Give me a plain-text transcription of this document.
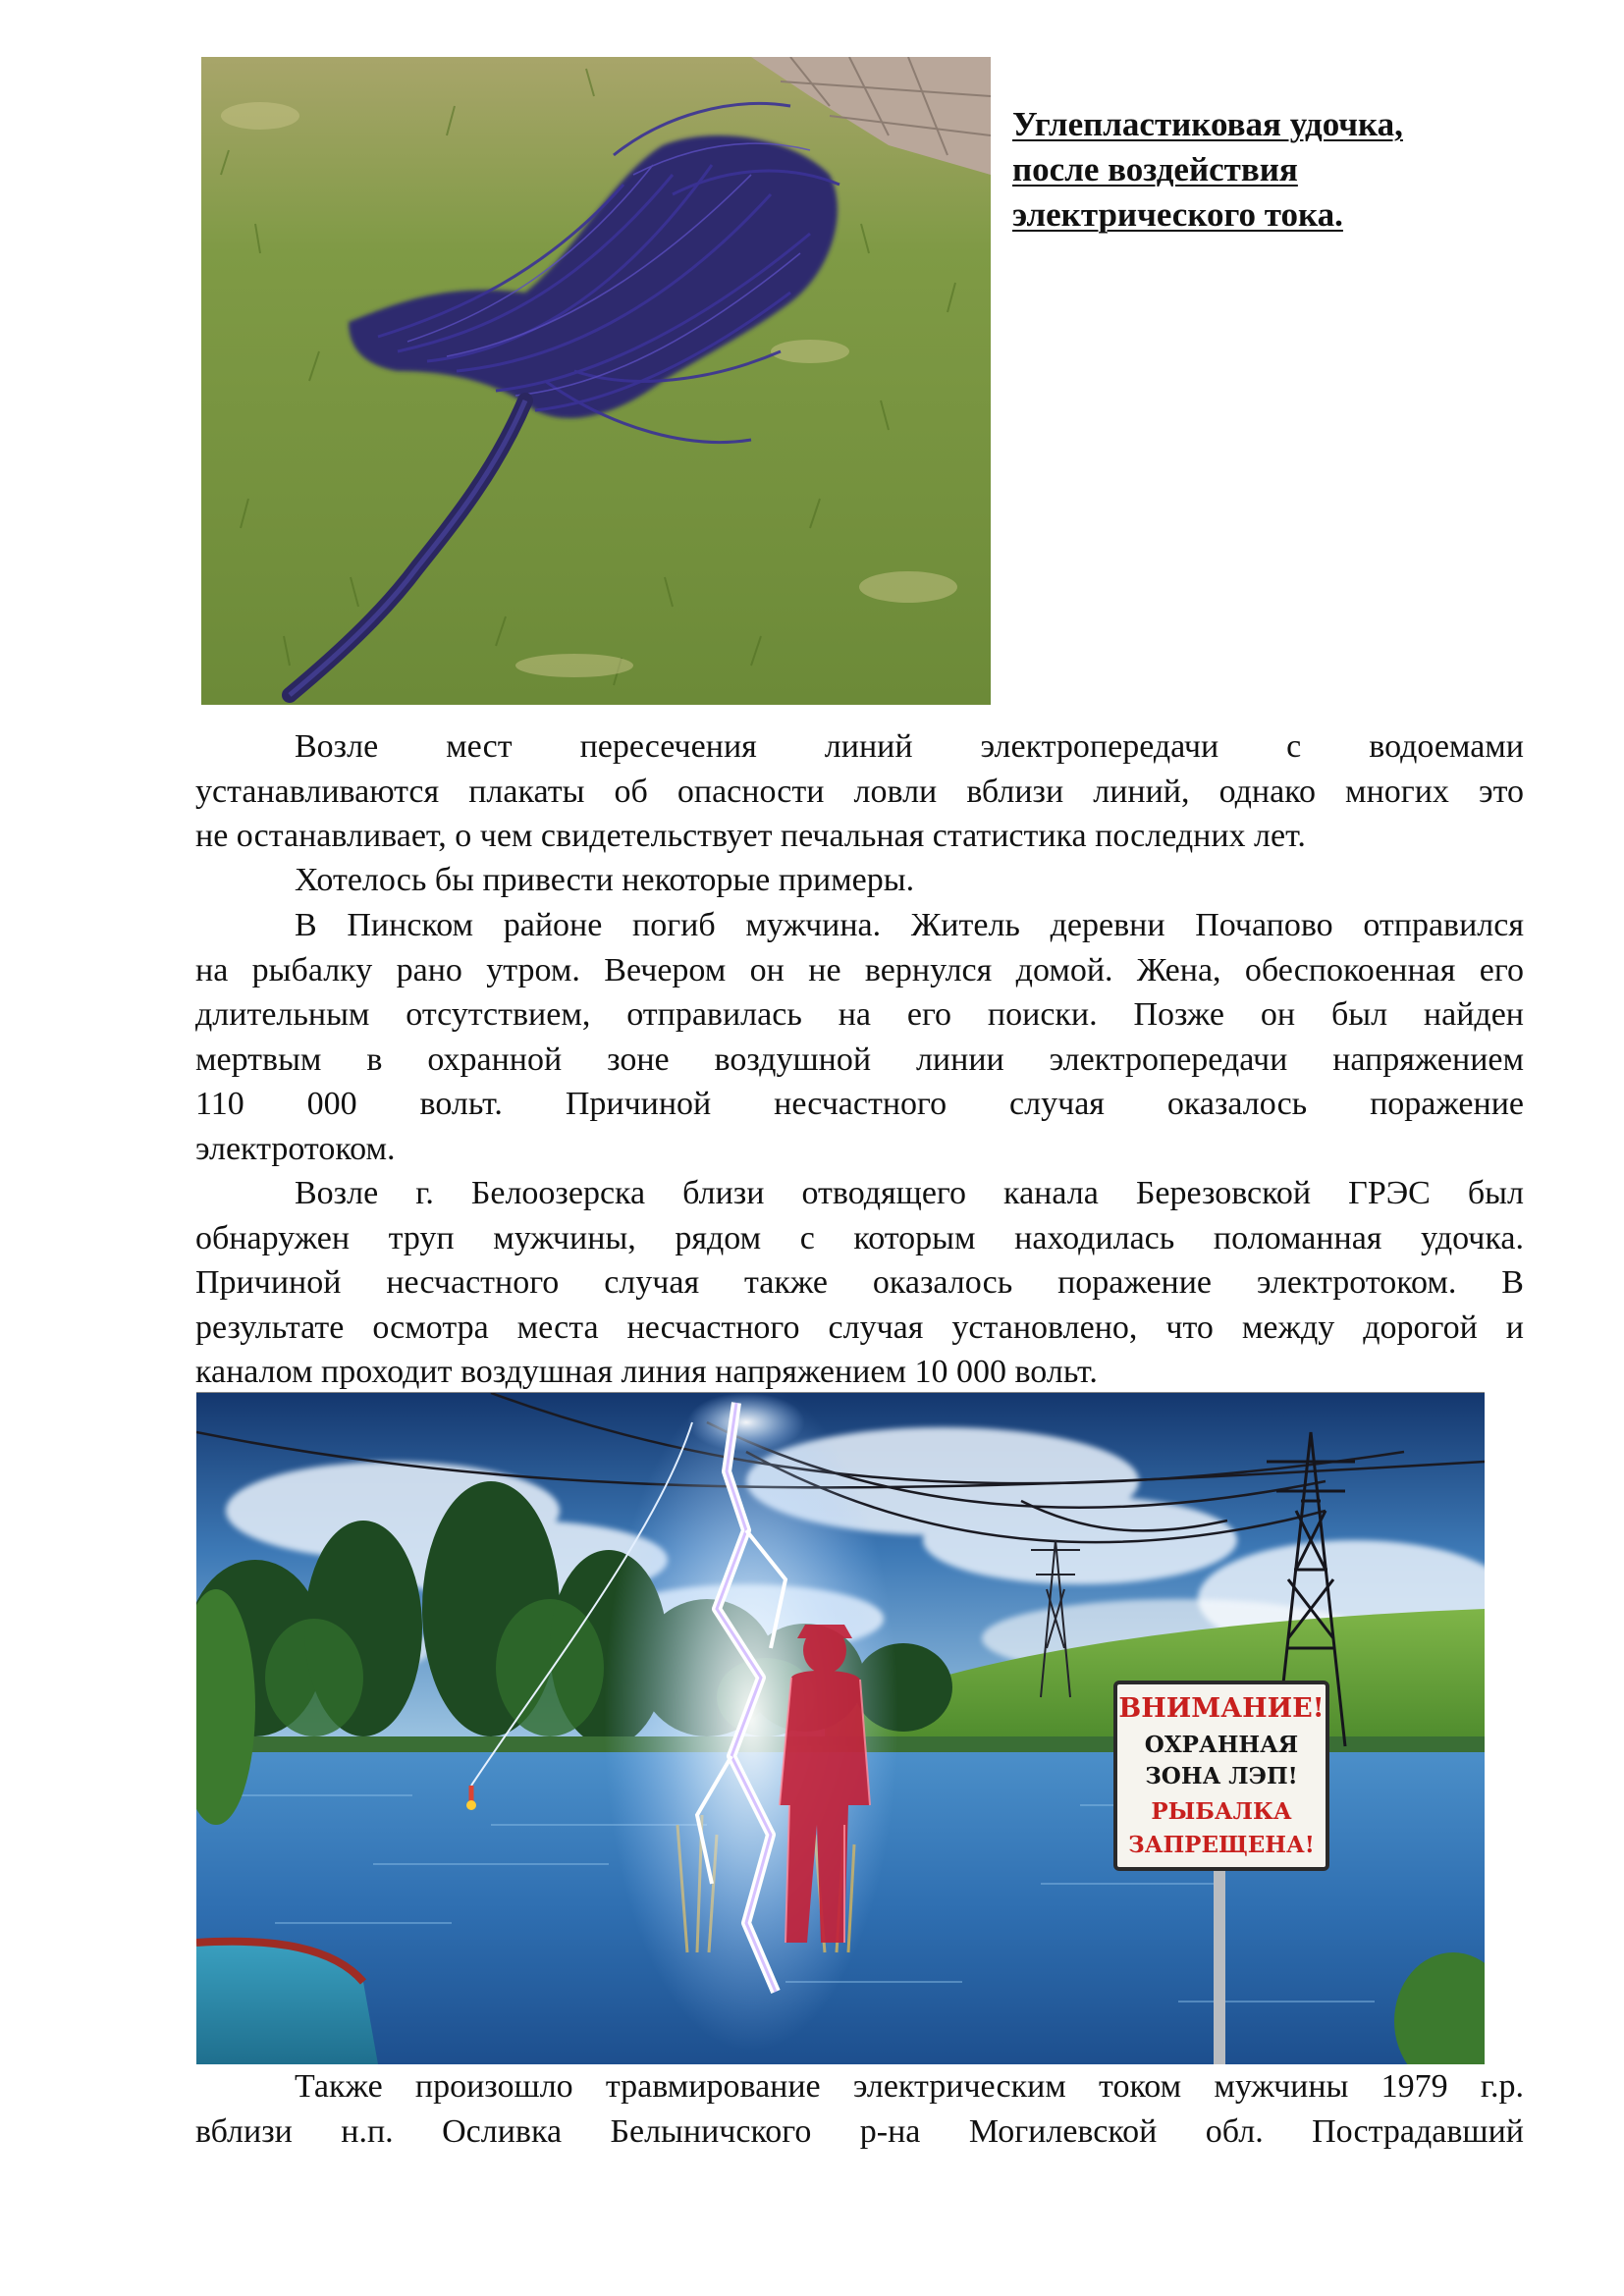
Углепластиковая удочка,
после воздействия
электрического тока.
Возле мест пересечения линий электропередачи с водоемами
устанавливаются плакаты об опасности ловли вблизи линий, однако многих это
не останавливает, о чем свидетельствует печальная статистика последних лет.
Хотелось бы привести некоторые примеры.
В Пинском районе погиб мужчина. Житель деревни Почапово отправился
на рыбалку рано утром. Вечером он не вернулся домой. Жена, обеспокоенная его
длительным отсутствием, отправилась на его поиски. Позже он был найден
мертвым в охранной зоне воздушной линии электропередачи напряжением
110 000 вольт. Причиной несчастного случая оказалось поражение
электротоком.
Возле г. Белоозерска близи отводящего канала Березовской ГРЭС был
обнаружен труп мужчины, рядом с которым находилась поломанная удочка.
Причиной несчастного случая также оказалось поражение электротоком. В
результате осмотра места несчастного случая установлено, что между дорогой и
каналом проходит воздушная линия напряжением 10 000 вольт.
ВНИМАНИЕ!
ОХРАННАЯ
ЗОНА ЛЭП!
РЫБАЛКА
ЗАПРЕЩЕНА!
Также произошло травмирование электрическим током мужчины 1979 г.р.
вблизи н.п. Осливка Белыничского р-на Могилевской обл. Пострадавший
